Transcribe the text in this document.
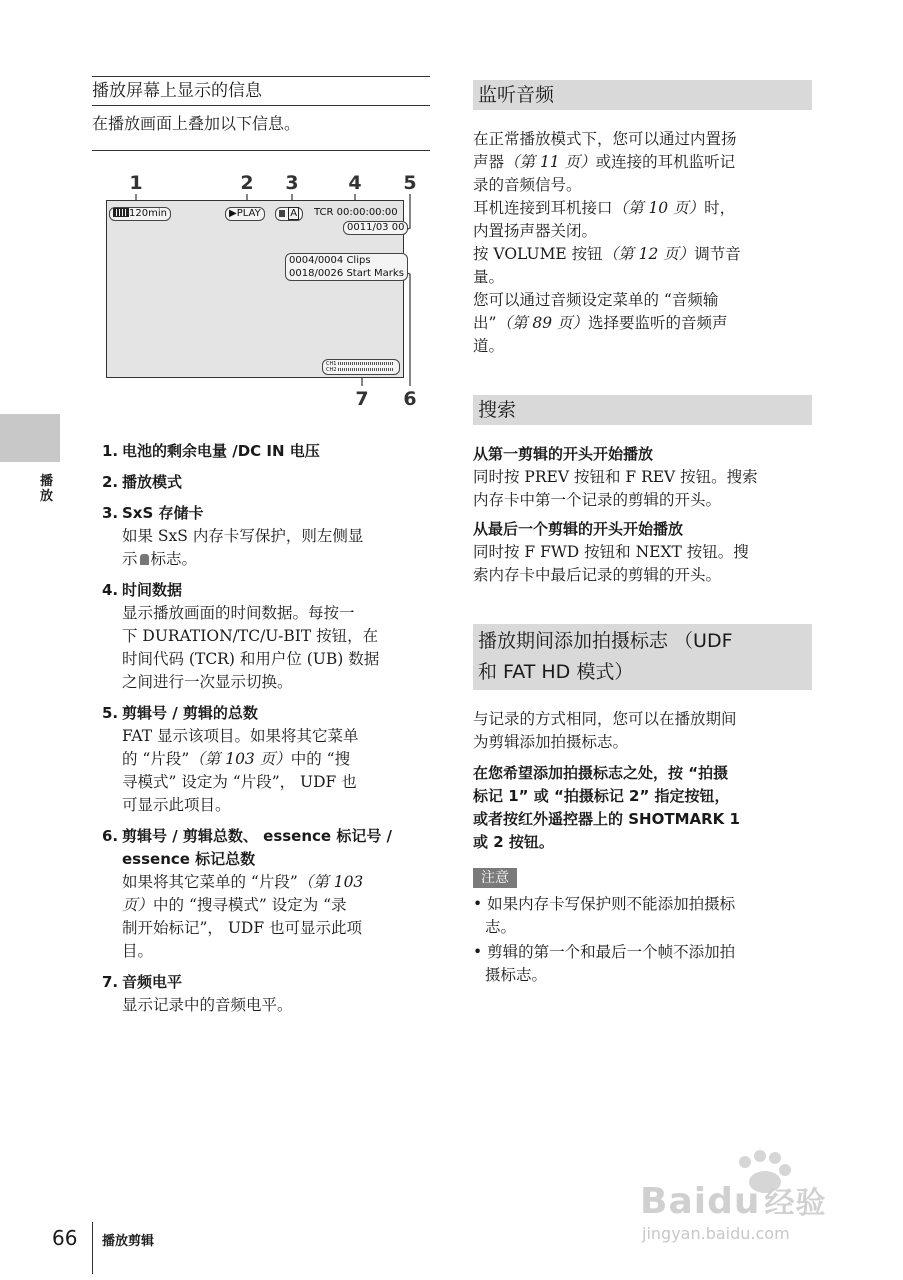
播放屏幕上显示的信息
在播放画面上叠加以下信息。
1	2 3	4 5
7 6
120min	▶PLAY	A	TCR 00:00:00:00
0011/03 00
0004/0004 Clips
0018/0026 Start Marks
CH1
CH2
1. 电池的剩余电量 /DC IN 电压
2. 播放模式
3. SxS 存储卡
如果 SxS 内存卡写保护，则左侧显
示 标志。
4. 时间数据
显示播放画面的时间数据。每按一
下 DURATION/TC/U-BIT 按钮，在
时间代码 (TCR) 和用户位 (UB) 数据
之间进行一次显示切换。
5. 剪辑号 / 剪辑的总数
FAT 显示该项目。如果将其它菜单
的 “片段”（第 103 页）中的 “搜
寻模式” 设定为 “片段”， UDF 也
可显示此项目。
6. 剪辑号 / 剪辑总数、 essence 标记号 /
essence 标记总数
如果将其它菜单的 “片段”（第 103
页）中的 “搜寻模式” 设定为 “录
制开始标记”， UDF 也可显示此项
目。
7. 音频电平
显示记录中的音频电平。
监听音频
在正常播放模式下，您可以通过内置扬
声器（第 11 页）或连接的耳机监听记
录的音频信号。
耳机连接到耳机接口（第 10 页）时，
内置扬声器关闭。
按 VOLUME 按钮（第 12 页）调节音
量。
您可以通过音频设定菜单的 “音频输
出”（第 89 页）选择要监听的音频声
道。
搜索
从第一剪辑的开头开始播放
同时按 PREV 按钮和 F REV 按钮。搜索
内存卡中第一个记录的剪辑的开头。
从最后一个剪辑的开头开始播放
同时按 F FWD 按钮和 NEXT 按钮。搜
索内存卡中最后记录的剪辑的开头。
播放期间添加拍摄标志 （UDF
和 FAT HD 模式）
与记录的方式相同，您可以在播放期间
为剪辑添加拍摄标志。
在您希望添加拍摄标志之处，按 “拍摄
标记 1” 或 “拍摄标记 2” 指定按钮，
或者按红外遥控器上的 SHOTMARK 1
或 2 按钮。
注意
• 如果内存卡写保护则不能添加拍摄标
志。
• 剪辑的第一个和最后一个帧不添加拍
摄标志。
播放
66 播放剪辑
Baidu 经验
jingyan.baidu.com
